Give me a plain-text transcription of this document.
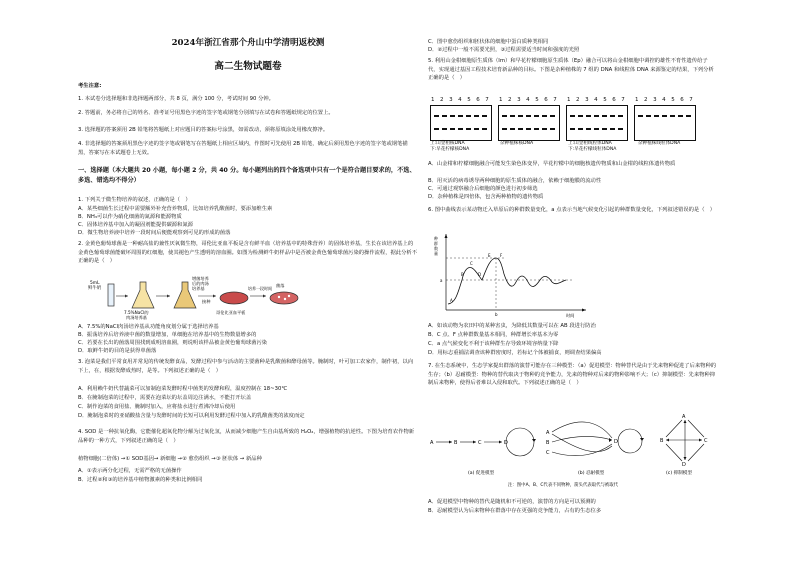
2024年浙江省那个舟山中学清明返校测
高二生物试题卷

考生注意:

1. 本试卷分选择题和非选择题两部分，共 8 页，满分 100 分，考试时间 90 分钟。

2. 答题前，务必将自己的姓名、准考证号用黑色字迹的签字笔或钢笔分别填写在试卷和答题纸规定的位置上。

3. 选择题的答案须用 2B 铅笔将答题纸上对应题目的答案标号涂黑，如需改动，须将原填涂处用橡皮擦净。

4. 非选择题的答案须用黑色字迹的签字笔或钢笔写在答题纸上相应区域内，作图时可先使用 2B 铅笔，确定后须用黑色字迹的签字笔或钢笔描黑，答案写在本试题卷上无效。

一、选择题（本大题共 20 小题，每小题 2 分，共 40 分。每小题列出的四个备选项中只有一个是符合题目要求的，不选、多选、错选均不得分）

1. 下列关于微生物培养的叙述，正确的是（　）

A．某些细菌生长过程中需要额外补充营养物质，比如培养乳酸菌时，要添加维生素

B．NH₃可以作为硝化细菌的氮源和能源物质

C．固体培养基中加入的凝固剂能提供碳源和氮源

D．微生物培养液中培养一段时间后便能观察到可见的形成的菌落

2. 金黄色葡萄球菌是一种耐高盐的兼性厌氧微生物，哥伦比亚血平板是含有鲜羊血（培养基中的特殊营养）的固体培养基，生长在该培养基上的金黄色葡萄球菌能破坏周围的红细胞，使其褪色产生透明的溶血圈。如图为检测鲜牛奶样品中是否被金黄色葡萄球菌污染的操作流程，据此分析不正确的是（　）

5mL 鲜牛奶
7.5%NaCl的肉汤培养基
增菌培养后的肉汤培养基
接种
哥伦比亚血平板
培养一段时间
菌落

A．7.5%的NaCl肉汤培养基从功能角度划分属于选择培养基

B．振荡培养后培养液中菌的数量增加，单细胞在培养基中的生物数量增多的

C．若要在长出的菌落周围找到成明溶血圈，则说明该样品被金黄色葡萄球菌污染

D．取鲜牛奶的目的是获得单菌落

3. 泡菜是我们平常食用并常见的传统发酵食品，发酵过程中参与活动的主要菌种是乳酸菌和酵母菌等。腌制时，叶可加工农家作，制作初，以向下上，在，根据发酵成热时，是等。下列叙述正确的是（　）

A．利用赖牛奶代替蔬菜可以加制泡菜发酵时程中菌类的发酵和程，温度控制在 18~30℃

B．在腌制泡菜的过程中，需要在泡菜坛的坛盖周边注满水，不能打开坛盖

C．制作泡菜的食用盐、腌制时加入，应将盐水进行煮沸冷却后使用

D．腌制泡菜时的亚硝酸盐含量与发酵时间的长短可以利用发酵过程中加入的乳酸菌类的浓度而定

4. SOD 是一种抗氧化酶，它能催化超氧化物分解为过氧化氢，从而减少细胞产生自由基所致的 H₂O₂，增强植物的抗逆性。下图为培育农作物新品种的一种方式，下列叙述正确的是（　）

植物细胞(二倍体) →① SOD基因→ 新细胞 →② 愈伤组织 →③ 胚状体 → 新品种

A．①表示两分化过程，无需严格的无菌操作

B．过程②和③的培养基中植物激素的种类和比例相同

C．图中愈伤组织和胚状体的细胞中蛋白质种类相同

D．②过程中一般不需要光照，③过程需要适当时间和强度的光照

5. 利用山金柑细胞原生质体（Im）和早花柠檬细胞原生质体（Ep）融合可以将山金柑细胞中调控的雄性不育性遗传给子代，实现通过基因工程技术培育新品种的目标。下图是杂种植株的 7 组的 DNA 和线粒体 DNA 来源鉴定的结果，下列分析正确的是（　）

1 2 3 4 5 6 7 1 2 3 4 5 6 7 1 2 3 4 5 6 7 1 2 3 4 5 6 7
上:山金柑核DNA
下:早花柠檬核DNA
杂种植株核DNA	上:山金柑线粒体DNA
下:早花柠檬线粒体DNA
杂种植株线粒体DNA

A．山金柑和柠檬细胞融合可能发生染色体变异，早花柠檬中的细胞核遗传物质和山金柑的线粒体遗传物质

B．用灭活的病毒诱导两种细胞的原生质体的融合，依赖于细胞膜的流动性

C．可通过观察融合后细胞的颜色进行初步筛选

D．杂种植株是四倍体，包含两种植物的遗传物质

6. 图中曲线表示某动物迁入草原后的种群数量变化，a 点表示当地气候变化引起的种群数量变化，下列叙述错误的是（　）

种群数量
时间
A
B
C
D
E F
a
b

A．如该动物为农田中的某种害虫，为降低其数量可以在 AB 段进行防治

B．C 点、F 点种群数量基本相同，种群增长率基本为零

C．a 点气候变化不利于该种群生存导致环境容纳量下降

D．用标志重捕法调查该种群密度时，若标记个体被捕食，则调查结果偏高

7. 在生态系统中，生态学家提出群落的演替可能存在三种模型：（a）促进模型：物种替代是由于先来物种促进了后来物种的生存；（b）忍耐模型：物种的替代取决于物种的竞争能力，先来的物种对后来的物种影响不大；（c）抑制模型：先来物种抑制后来物种，使得后者难以入侵和取代。下列叙述正确的是（　）

A	B	C	D
(a) 促进模型
A
B
C
D
(b) 忍耐模型
A
B	C
D
(c) 抑制模型
注：图中A、B、C代表不同物种，箭头代表取代与被取代

A．促进模型中物种的替代是随机和不可逆的，演替的方向是可以预测的

B．忍耐模型认为后来物种在群落中存在更强的竞争能力，占有的生态位多
